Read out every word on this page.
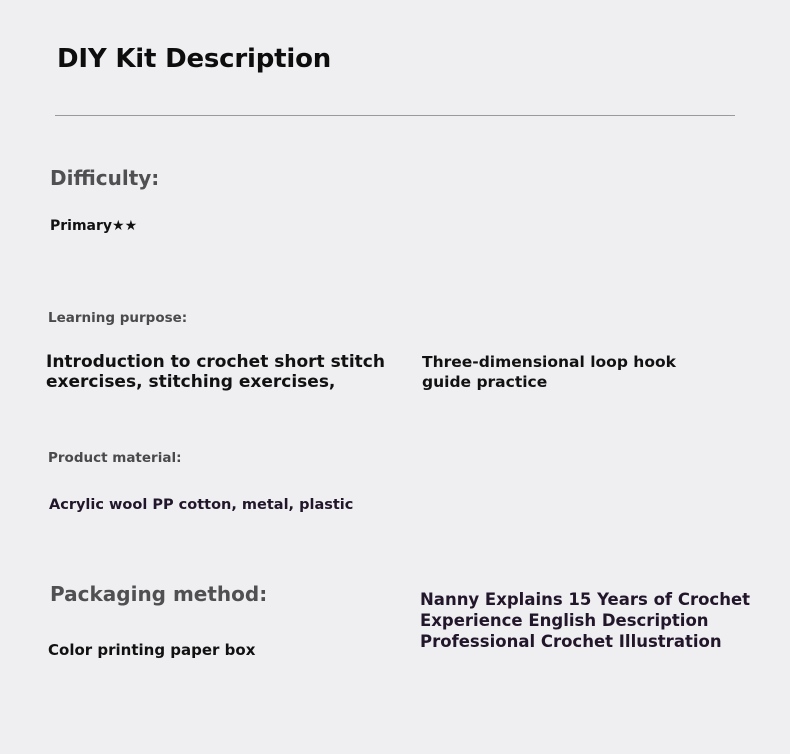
DIY Kit Description
Difficulty:
Primary★★
Learning purpose:
Introduction to crochet short stitch
exercises, stitching exercises,
Three-dimensional loop hook
guide practice
Product material:
Acrylic wool PP cotton, metal, plastic
Packaging method:
Color printing paper box
Nanny Explains 15 Years of Crochet
Experience English Description
Professional Crochet Illustration
